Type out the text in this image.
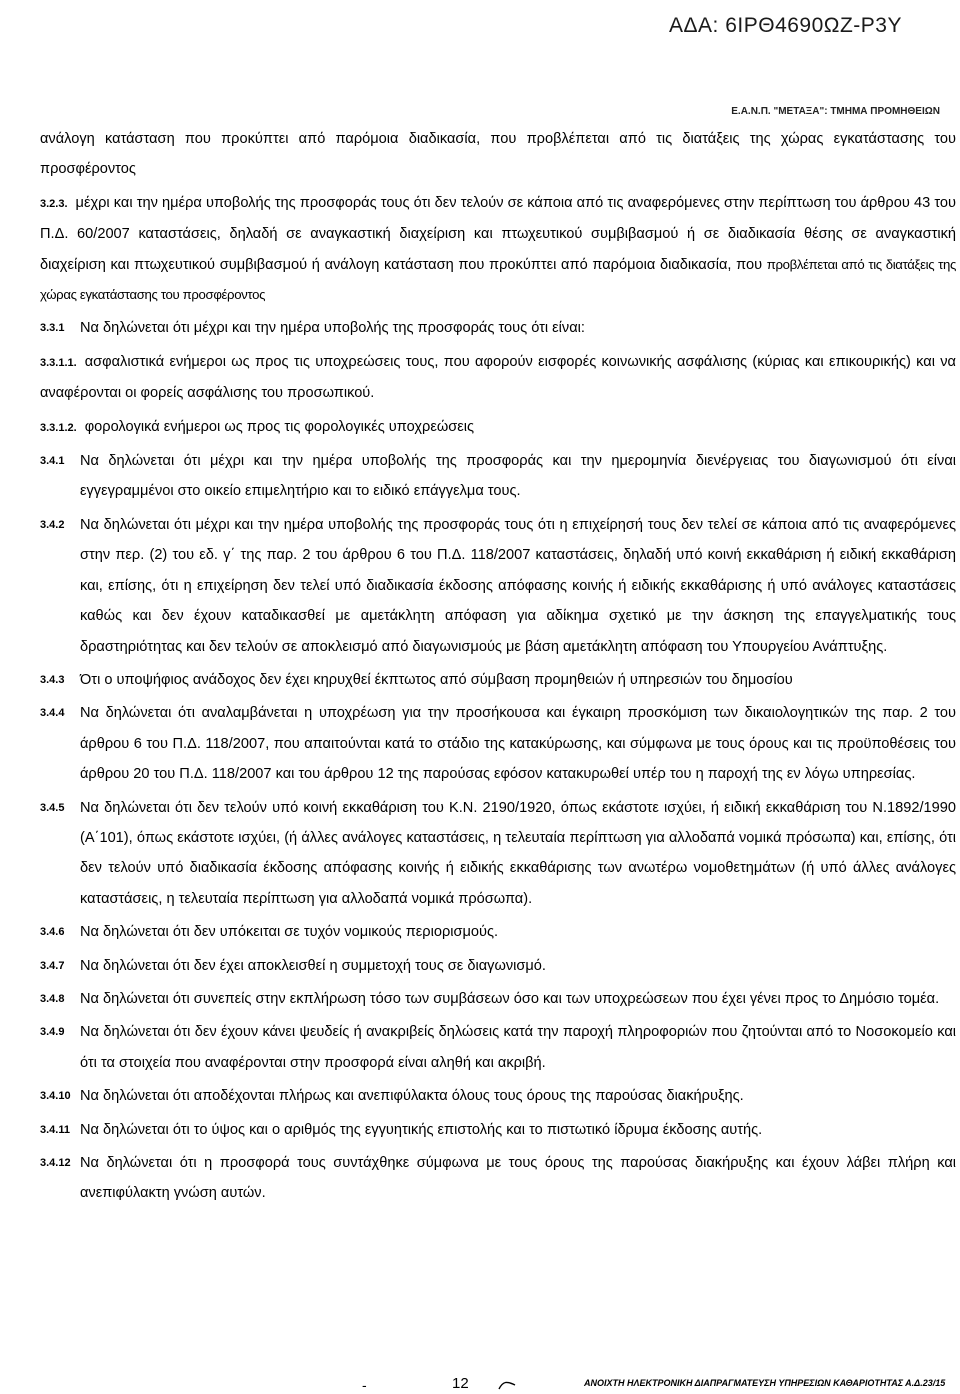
ΑΔΑ: 6ΙΡΘ4690ΩΖ-Ρ3Υ
Ε.Α.Ν.Π. "ΜΕΤΑΞΑ": ΤΜΗΜΑ ΠΡΟΜΗΘΕΙΩΝ

ανάλογη κατάσταση που προκύπτει από παρόμοια διαδικασία, που προβλέπεται από τις διατάξεις της χώρας εγκατάστασης του προσφέροντος

3.2.3. μέχρι και την ημέρα υποβολής της προσφοράς τους ότι δεν τελούν σε κάποια από τις αναφερόμενες στην περίπτωση του άρθρου 43 του Π.Δ. 60/2007 καταστάσεις, δηλαδή σε αναγκαστική διαχείριση και πτωχευτικού συμβιβασμού ή σε διαδικασία θέσης σε αναγκαστική διαχείριση και πτωχευτικού συμβιβασμού ή ανάλογη κατάσταση που προκύπτει από παρόμοια διαδικασία, που προβλέπεται από τις διατάξεις της χώρας εγκατάστασης του προσφέροντος

3.3.1 Να δηλώνεται ότι μέχρι και την ημέρα υποβολής της προσφοράς τους ότι είναι:

3.3.1.1. ασφαλιστικά ενήμεροι ως προς τις υποχρεώσεις τους, που αφορούν εισφορές κοινωνικής ασφάλισης (κύριας και επικουρικής) και να αναφέρονται οι φορείς ασφάλισης του προσωπικού.

3.3.1.2. φορολογικά ενήμεροι ως προς τις φορολογικές υποχρεώσεις

3.4.1 Να δηλώνεται ότι μέχρι και την ημέρα υποβολής της προσφοράς και την ημερομηνία διενέργειας του διαγωνισμού ότι είναι εγγεγραμμένοι στο οικείο επιμελητήριο και το ειδικό επάγγελμα τους.
3.4.2 Να δηλώνεται ότι μέχρι και την ημέρα υποβολής της προσφοράς τους ότι η επιχείρησή τους δεν τελεί σε κάποια από τις αναφερόμενες στην περ. (2) του εδ. γ΄ της παρ. 2 του άρθρου 6 του Π.Δ. 118/2007 καταστάσεις, δηλαδή υπό κοινή εκκαθάριση ή ειδική εκκαθάριση και, επίσης, ότι η επιχείρηση δεν τελεί υπό διαδικασία έκδοσης απόφασης κοινής ή ειδικής εκκαθάρισης ή υπό ανάλογες καταστάσεις καθώς και δεν έχουν καταδικασθεί με αμετάκλητη απόφαση για αδίκημα σχετικό με την άσκηση της επαγγελματικής τους δραστηριότητας και δεν τελούν σε αποκλεισμό από διαγωνισμούς με βάση αμετάκλητη απόφαση του Υπουργείου Ανάπτυξης.
3.4.3 Ότι ο υποψήφιος ανάδοχος δεν έχει κηρυχθεί έκπτωτος από σύμβαση προμηθειών ή υπηρεσιών του δημοσίου
3.4.4 Να δηλώνεται ότι αναλαμβάνεται η υποχρέωση για την προσήκουσα και έγκαιρη προσκόμιση των δικαιολογητικών της παρ. 2 του άρθρου 6 του Π.Δ. 118/2007, που απαιτούνται κατά το στάδιο της κατακύρωσης, και σύμφωνα με τους όρους και τις προϋποθέσεις του άρθρου 20 του Π.Δ. 118/2007 και του άρθρου 12 της παρούσας εφόσον κατακυρωθεί υπέρ του η παροχή της εν λόγω υπηρεσίας.
3.4.5 Να δηλώνεται ότι δεν τελούν υπό κοινή εκκαθάριση του Κ.Ν. 2190/1920, όπως εκάστοτε ισχύει, ή ειδική εκκαθάριση του Ν.1892/1990 (Α΄101), όπως εκάστοτε ισχύει, (ή άλλες ανάλογες καταστάσεις, η τελευταία περίπτωση για αλλοδαπά νομικά πρόσωπα) και, επίσης, ότι δεν τελούν υπό διαδικασία έκδοσης απόφασης κοινής ή ειδικής εκκαθάρισης των ανωτέρω νομοθετημάτων (ή υπό άλλες ανάλογες καταστάσεις, η τελευταία περίπτωση για αλλοδαπά νομικά πρόσωπα).
3.4.6 Να δηλώνεται ότι δεν υπόκειται σε τυχόν νομικούς περιορισμούς.
3.4.7 Να δηλώνεται ότι δεν έχει αποκλεισθεί η συμμετοχή τους σε διαγωνισμό.
3.4.8 Να δηλώνεται ότι συνεπείς στην εκπλήρωση τόσο των συμβάσεων όσο και των υποχρεώσεων που έχει γένει προς το Δημόσιο τομέα.
3.4.9 Να δηλώνεται ότι δεν έχουν κάνει ψευδείς ή ανακριβείς δηλώσεις κατά την παροχή πληροφοριών που ζητούνται από το Νοσοκομείο και ότι τα στοιχεία που αναφέρονται στην προσφορά είναι αληθή και ακριβή.
3.4.10 Να δηλώνεται ότι αποδέχονται πλήρως και ανεπιφύλακτα όλους τους όρους της παρούσας διακήρυξης.
3.4.11 Να δηλώνεται ότι το ύψος και ο αριθμός της εγγυητικής επιστολής και το πιστωτικό ίδρυμα έκδοσης αυτής.
3.4.12 Να δηλώνεται ότι η προσφορά τους συντάχθηκε σύμφωνα με τους όρους της παρούσας διακήρυξης και έχουν λάβει πλήρη και ανεπιφύλακτη γνώση αυτών.
-	12	ΑΝΟΙΧΤΗ ΗΛΕΚΤΡΟΝΙΚΗ ΔΙΑΠΡΑΓΜΑΤΕΥΣΗ ΥΠΗΡΕΣΙΩΝ ΚΑΘΑΡΙΟΤΗΤΑΣ Α.Δ.23/15
